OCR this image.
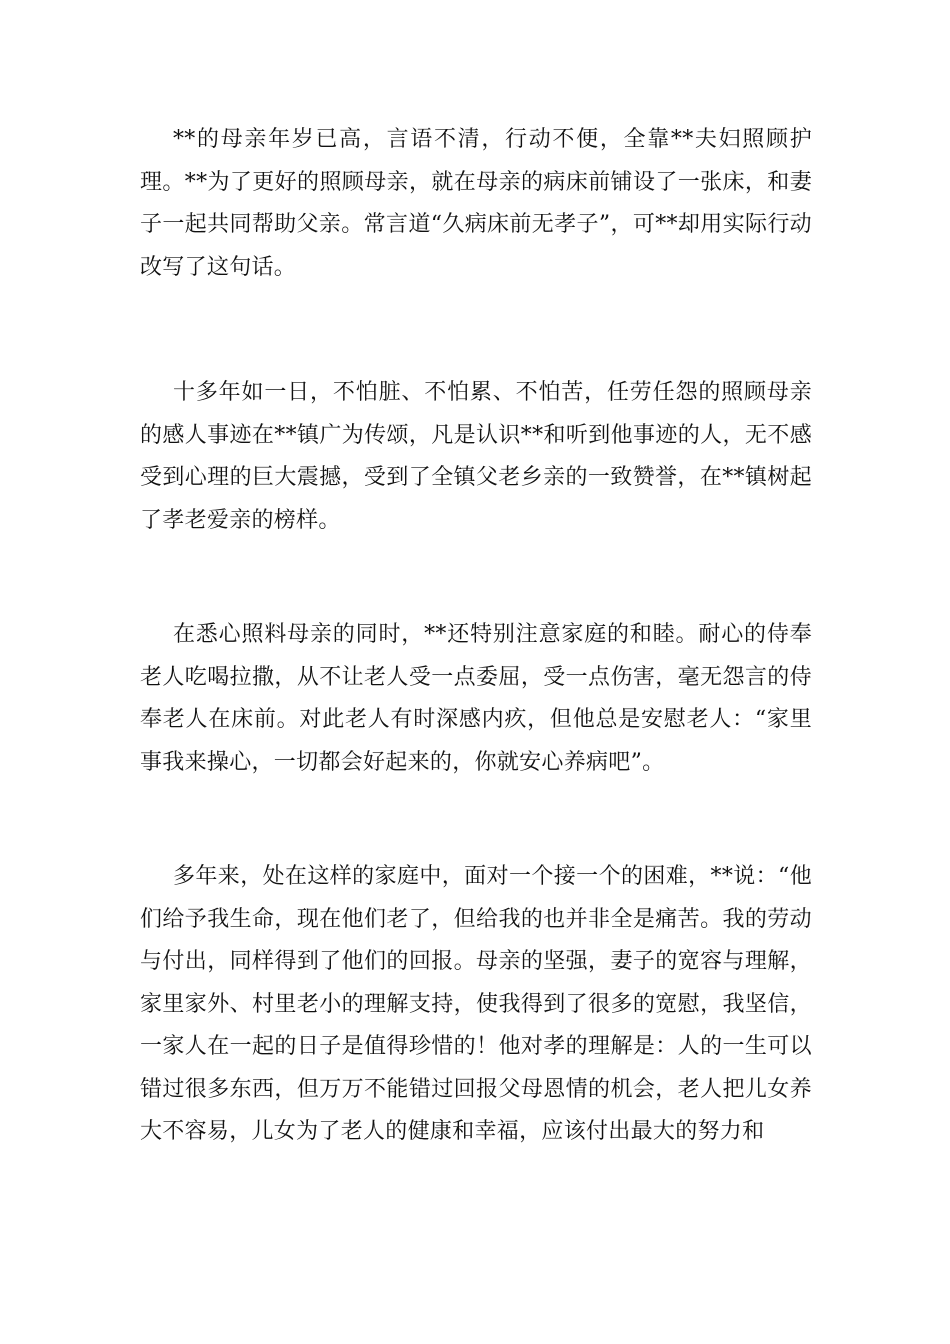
**的母亲年岁已高，言语不清，行动不便，全靠**夫妇照顾护理。**为了更好的照顾母亲，就在母亲的病床前铺设了一张床，和妻子一起共同帮助父亲。常言道“久病床前无孝子”，可**却用实际行动改写了这句话。

十多年如一日，不怕脏、不怕累、不怕苦，任劳任怨的照顾母亲的感人事迹在**镇广为传颂，凡是认识**和听到他事迹的人，无不感受到心理的巨大震撼，受到了全镇父老乡亲的一致赞誉，在**镇树起了孝老爱亲的榜样。

在悉心照料母亲的同时，**还特别注意家庭的和睦。耐心的侍奉老人吃喝拉撒，从不让老人受一点委屈，受一点伤害，毫无怨言的侍奉老人在床前。对此老人有时深感内疚，但他总是安慰老人：“家里事我来操心，一切都会好起来的，你就安心养病吧”。

多年来，处在这样的家庭中，面对一个接一个的困难，**说：“他们给予我生命，现在他们老了，但给我的也并非全是痛苦。我的劳动与付出，同样得到了他们的回报。母亲的坚强，妻子的宽容与理解，家里家外、村里老小的理解支持，使我得到了很多的宽慰，我坚信，一家人在一起的日子是值得珍惜的！他对孝的理解是：人的一生可以错过很多东西，但万万不能错过回报父母恩情的机会，老人把儿女养大不容易，儿女为了老人的健康和幸福，应该付出最大的努力和
